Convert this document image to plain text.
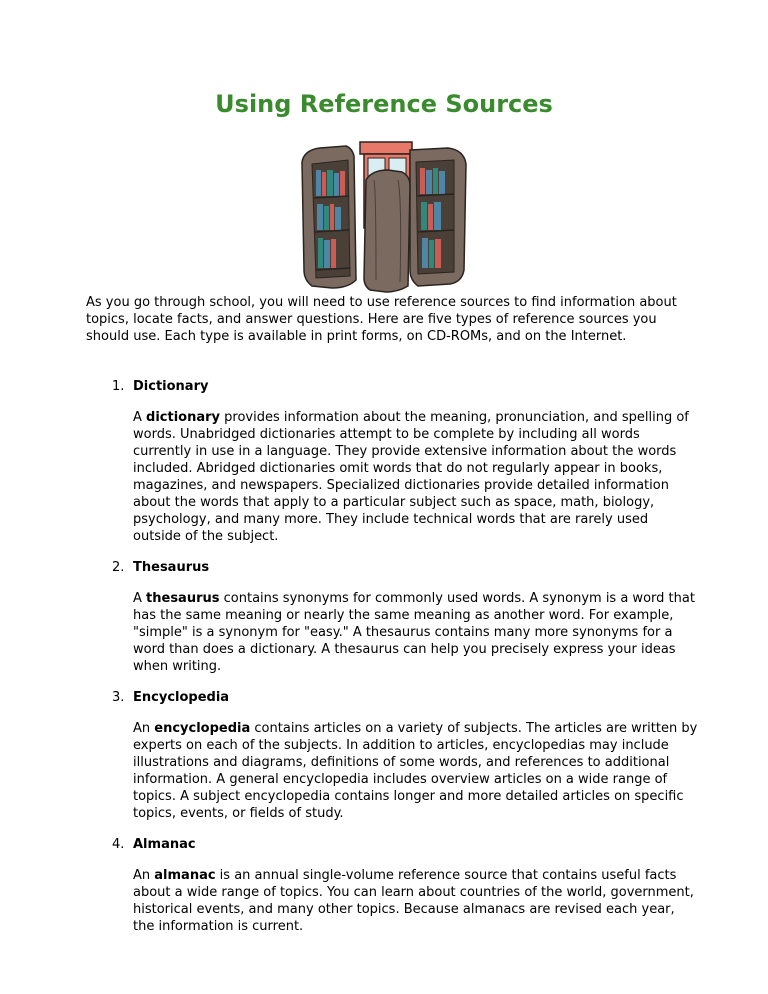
Using Reference Sources

As you go through school, you will need to use reference sources to find information about topics, locate facts, and answer questions. Here are five types of reference sources you should use. Each type is available in print forms, on CD-ROMs, and on the Internet.

1. Dictionary

A dictionary provides information about the meaning, pronunciation, and spelling of words. Unabridged dictionaries attempt to be complete by including all words currently in use in a language. They provide extensive information about the words included. Abridged dictionaries omit words that do not regularly appear in books, magazines, and newspapers. Specialized dictionaries provide detailed information about the words that apply to a particular subject such as space, math, biology, psychology, and many more. They include technical words that are rarely used outside of the subject.

2. Thesaurus

A thesaurus contains synonyms for commonly used words. A synonym is a word that has the same meaning or nearly the same meaning as another word. For example, "simple" is a synonym for "easy." A thesaurus contains many more synonyms for a word than does a dictionary. A thesaurus can help you precisely express your ideas when writing.

3. Encyclopedia

An encyclopedia contains articles on a variety of subjects. The articles are written by experts on each of the subjects. In addition to articles, encyclopedias may include illustrations and diagrams, definitions of some words, and references to additional information. A general encyclopedia includes overview articles on a wide range of topics. A subject encyclopedia contains longer and more detailed articles on specific topics, events, or fields of study.

4. Almanac

An almanac is an annual single-volume reference source that contains useful facts about a wide range of topics. You can learn about countries of the world, government, historical events, and many other topics. Because almanacs are revised each year, the information is current.
